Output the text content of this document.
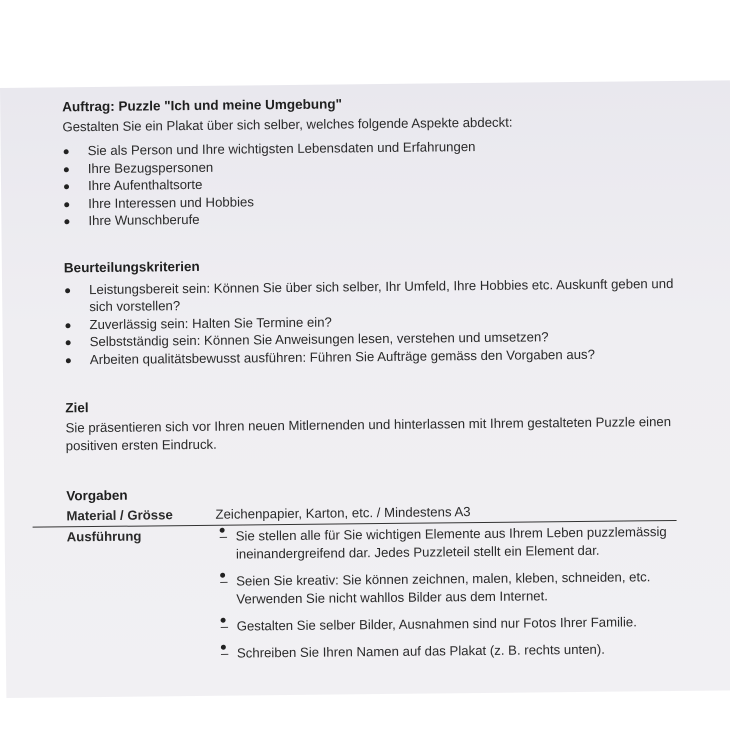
Auftrag: Puzzle "Ich und meine Umgebung"

Gestalten Sie ein Plakat über sich selber, welches folgende Aspekte abdeckt:

Sie als Person und Ihre wichtigsten Lebensdaten und Erfahrungen
Ihre Bezugspersonen
Ihre Aufenthaltsorte
Ihre Interessen und Hobbies
Ihre Wunschberufe
Beurteilungskriterien
Leistungsbereit sein: Können Sie über sich selber, Ihr Umfeld, Ihre Hobbies etc. Auskunft geben und sich vorstellen?
Zuverlässig sein: Halten Sie Termine ein?
Selbstständig sein: Können Sie Anweisungen lesen, verstehen und umsetzen?
Arbeiten qualitätsbewusst ausführen: Führen Sie Aufträge gemäss den Vorgaben aus?
Ziel

Sie präsentieren sich vor Ihren neuen Mitlernenden und hinterlassen mit Ihrem gestalteten Puzzle einen positiven ersten Eindruck.

Vorgaben
Material / Grösse	Zeichenpapier, Karton, etc. / Mindestens A3
Ausführung
–	Sie stellen alle für Sie wichtigen Elemente aus Ihrem Leben puzzlemässig ineinandergreifend dar. Jedes Puzzleteil stellt ein Element dar.
– Seien Sie kreativ: Sie können zeichnen, malen, kleben, schneiden, etc. Verwenden Sie nicht wahllos Bilder aus dem Internet.
– Gestalten Sie selber Bilder, Ausnahmen sind nur Fotos Ihrer Familie.
– Schreiben Sie Ihren Namen auf das Plakat (z. B. rechts unten).
